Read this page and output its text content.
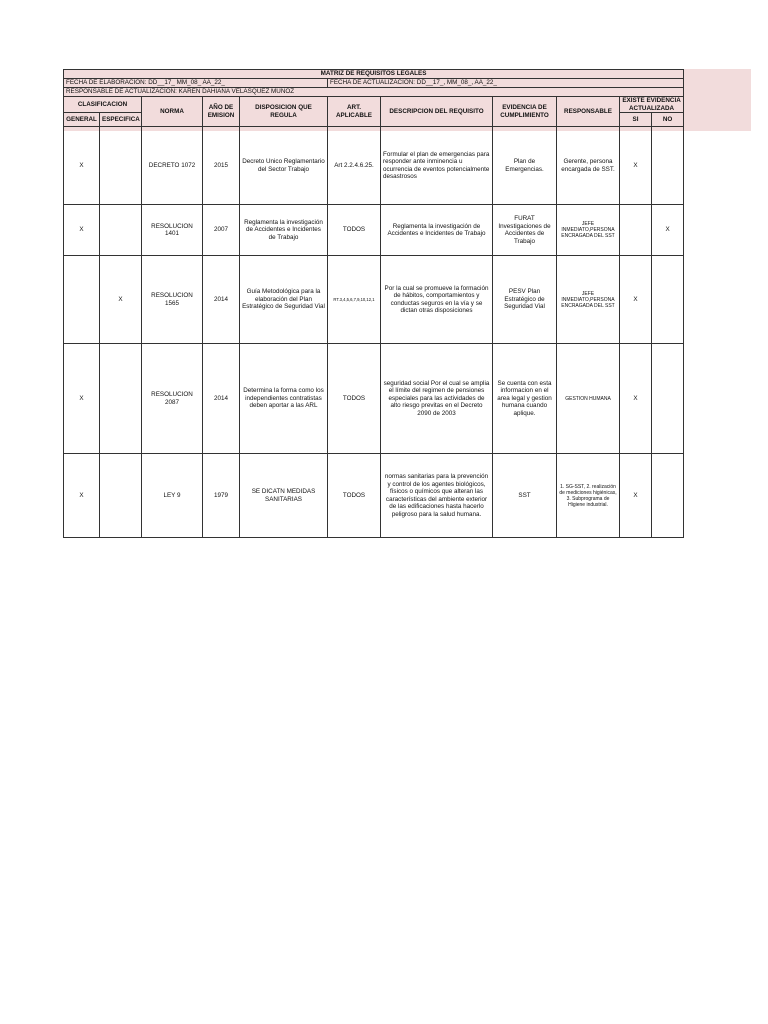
MATRIZ DE REQUISITOS LEGALES										
FECHA DE ELABORACION: DD__17_ MM_08_ AA_22_					FECHA DE ACTUALIZACION: DD__17_, MM_08_, AA_22_					
RESPONSABLE DE ACTUALIZACION: KAREN DAHIANA VELASQUEZ MUÑOZ										
CLASIFICACION		NORMA	AÑO DE EMISION	DISPOSICION QUE REGULA	ART. APLICABLE	DESCRIPCION DEL REQUISITO	EVIDENCIA DE CUMPLIMIENTO	RESPONSABLE	EXISTE EVIDENCIA ACTUALIZADA	
GENERAL	ESPECIFICA								SI	NO
X		DECRETO 1072	2015	Decreto Unico Reglamentario del Sector Trabajo	Art 2.2.4.6.25.	Formular el plan de emergencias para responder ante inminencia u ocurrencia de eventos potencialmente desastrosos	Plan de Emergencias.	Gerente, persona encargada de SST.	X	
X		RESOLUCION 1401	2007	Reglamenta la investigación de Accidentes e Incidentes de Trabajo	TODOS	Reglamenta la investigación de Accidentes e Incidentes de Trabajo	FURAT Investigaciones de Accidentes de Trabajo	JEFE INMEDIATO,PERSONA ENCRAGADA DEL SST		X
	X	RESOLUCION 1565	2014	Guía Metodológica para la elaboración del Plan Estratégico de Seguridad Vial	RT.3,4,5,6,7,9,10,12,1	Por la cual se promueve la formación de hábitos, comportamientos y conductas seguros en la vía y se dictan otras disposiciones	PESV Plan Estratégico de Seguridad Vial	JEFE INMEDIATO,PERSONA ENCRAGADA DEL SST	X	
X		RESOLUCION 2087	2014	Determina la forma como los independientes contratistas deben aportar a las ARL	TODOS	seguridad social Por el cual se amplia el límite del regimen de pensiones especiales para las actividades de alto riesgo previtas en el Decreto 2090 de 2003	Se cuenta con esta informacion en el area legal y gestion humana cuando aplique.	GESTION HUMANA	X	
X		LEY 9	1979	SE DICATN MEDIDAS SANITARIAS	TODOS	normas sanitarias para la prevención y control de los agentes biológicos, físicos o químicos que alteran las características del ambiente exterior de las edificaciones hasta hacerlo peligroso para la salud humana.	SST	1. SG-SST, 2. realización de mediciones higiénicas, 3. Subprograma de Higiene industrial.	X	
